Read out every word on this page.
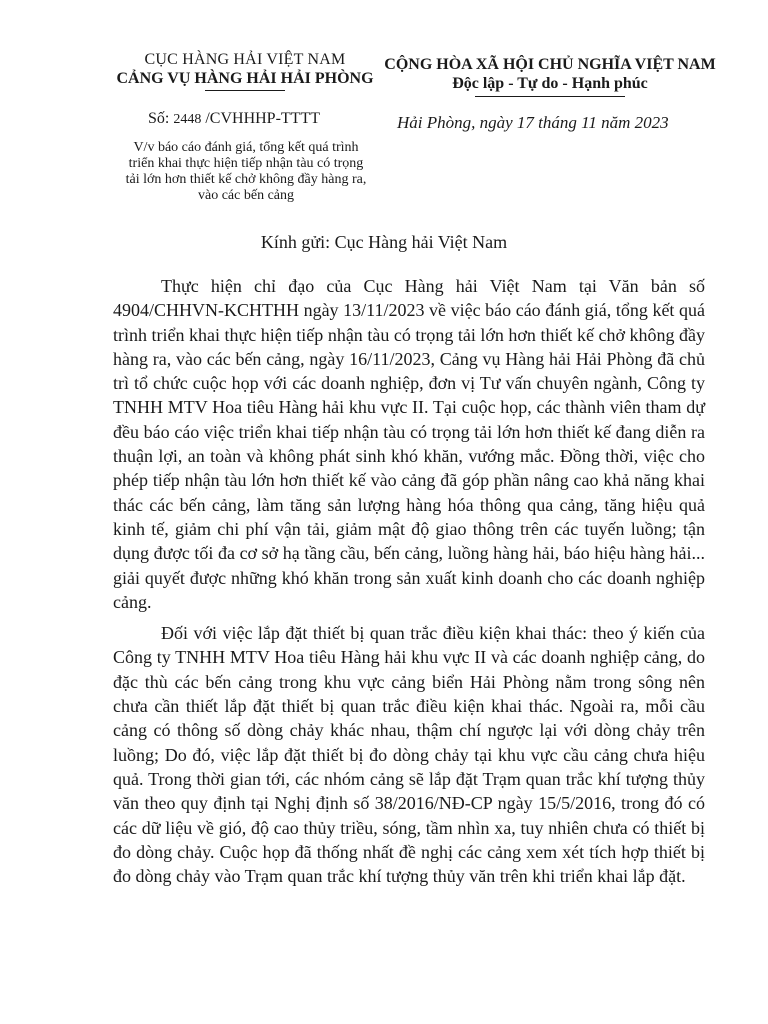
CỤC HÀNG HẢI VIỆT NAM
CẢNG VỤ HÀNG HẢI HẢI PHÒNG
CỘNG HÒA XÃ HỘI CHỦ NGHĨA VIỆT NAM
Độc lập - Tự do - Hạnh phúc
Số: 2448 /CVHHHP-TTTT	Hải Phòng, ngày 17 tháng 11 năm 2023
V/v báo cáo đánh giá, tổng kết quá trình triển khai thực hiện tiếp nhận tàu có trọng tải lớn hơn thiết kế chở không đầy hàng ra, vào các bến cảng
Kính gửi: Cục Hàng hải Việt Nam

Thực hiện chỉ đạo của Cục Hàng hải Việt Nam tại Văn bản số 4904/CHHVN-KCHTHH ngày 13/11/2023 về việc báo cáo đánh giá, tổng kết quá trình triển khai thực hiện tiếp nhận tàu có trọng tải lớn hơn thiết kế chở không đầy hàng ra, vào các bến cảng, ngày 16/11/2023, Cảng vụ Hàng hải Hải Phòng đã chủ trì tổ chức cuộc họp với các doanh nghiệp, đơn vị Tư vấn chuyên ngành, Công ty TNHH MTV Hoa tiêu Hàng hải khu vực II. Tại cuộc họp, các thành viên tham dự đều báo cáo việc triển khai tiếp nhận tàu có trọng tải lớn hơn thiết kế đang diễn ra thuận lợi, an toàn và không phát sinh khó khăn, vướng mắc. Đồng thời, việc cho phép tiếp nhận tàu lớn hơn thiết kế vào cảng đã góp phần nâng cao khả năng khai thác các bến cảng, làm tăng sản lượng hàng hóa thông qua cảng, tăng hiệu quả kinh tế, giảm chi phí vận tải, giảm mật độ giao thông trên các tuyến luồng; tận dụng được tối đa cơ sở hạ tầng cầu, bến cảng, luồng hàng hải, báo hiệu hàng hải... giải quyết được những khó khăn trong sản xuất kinh doanh cho các doanh nghiệp cảng.

Đối với việc lắp đặt thiết bị quan trắc điều kiện khai thác: theo ý kiến của Công ty TNHH MTV Hoa tiêu Hàng hải khu vực II và các doanh nghiệp cảng, do đặc thù các bến cảng trong khu vực cảng biển Hải Phòng nằm trong sông nên chưa cần thiết lắp đặt thiết bị quan trắc điều kiện khai thác. Ngoài ra, mỗi cầu cảng có thông số dòng chảy khác nhau, thậm chí ngược lại với dòng chảy trên luồng; Do đó, việc lắp đặt thiết bị đo dòng chảy tại khu vực cầu cảng chưa hiệu quả. Trong thời gian tới, các nhóm cảng sẽ lắp đặt Trạm quan trắc khí tượng thủy văn theo quy định tại Nghị định số 38/2016/NĐ-CP ngày 15/5/2016, trong đó có các dữ liệu về gió, độ cao thủy triều, sóng, tầm nhìn xa, tuy nhiên chưa có thiết bị đo dòng chảy. Cuộc họp đã thống nhất đề nghị các cảng xem xét tích hợp thiết bị đo dòng chảy vào Trạm quan trắc khí tượng thủy văn trên khi triển khai lắp đặt.
